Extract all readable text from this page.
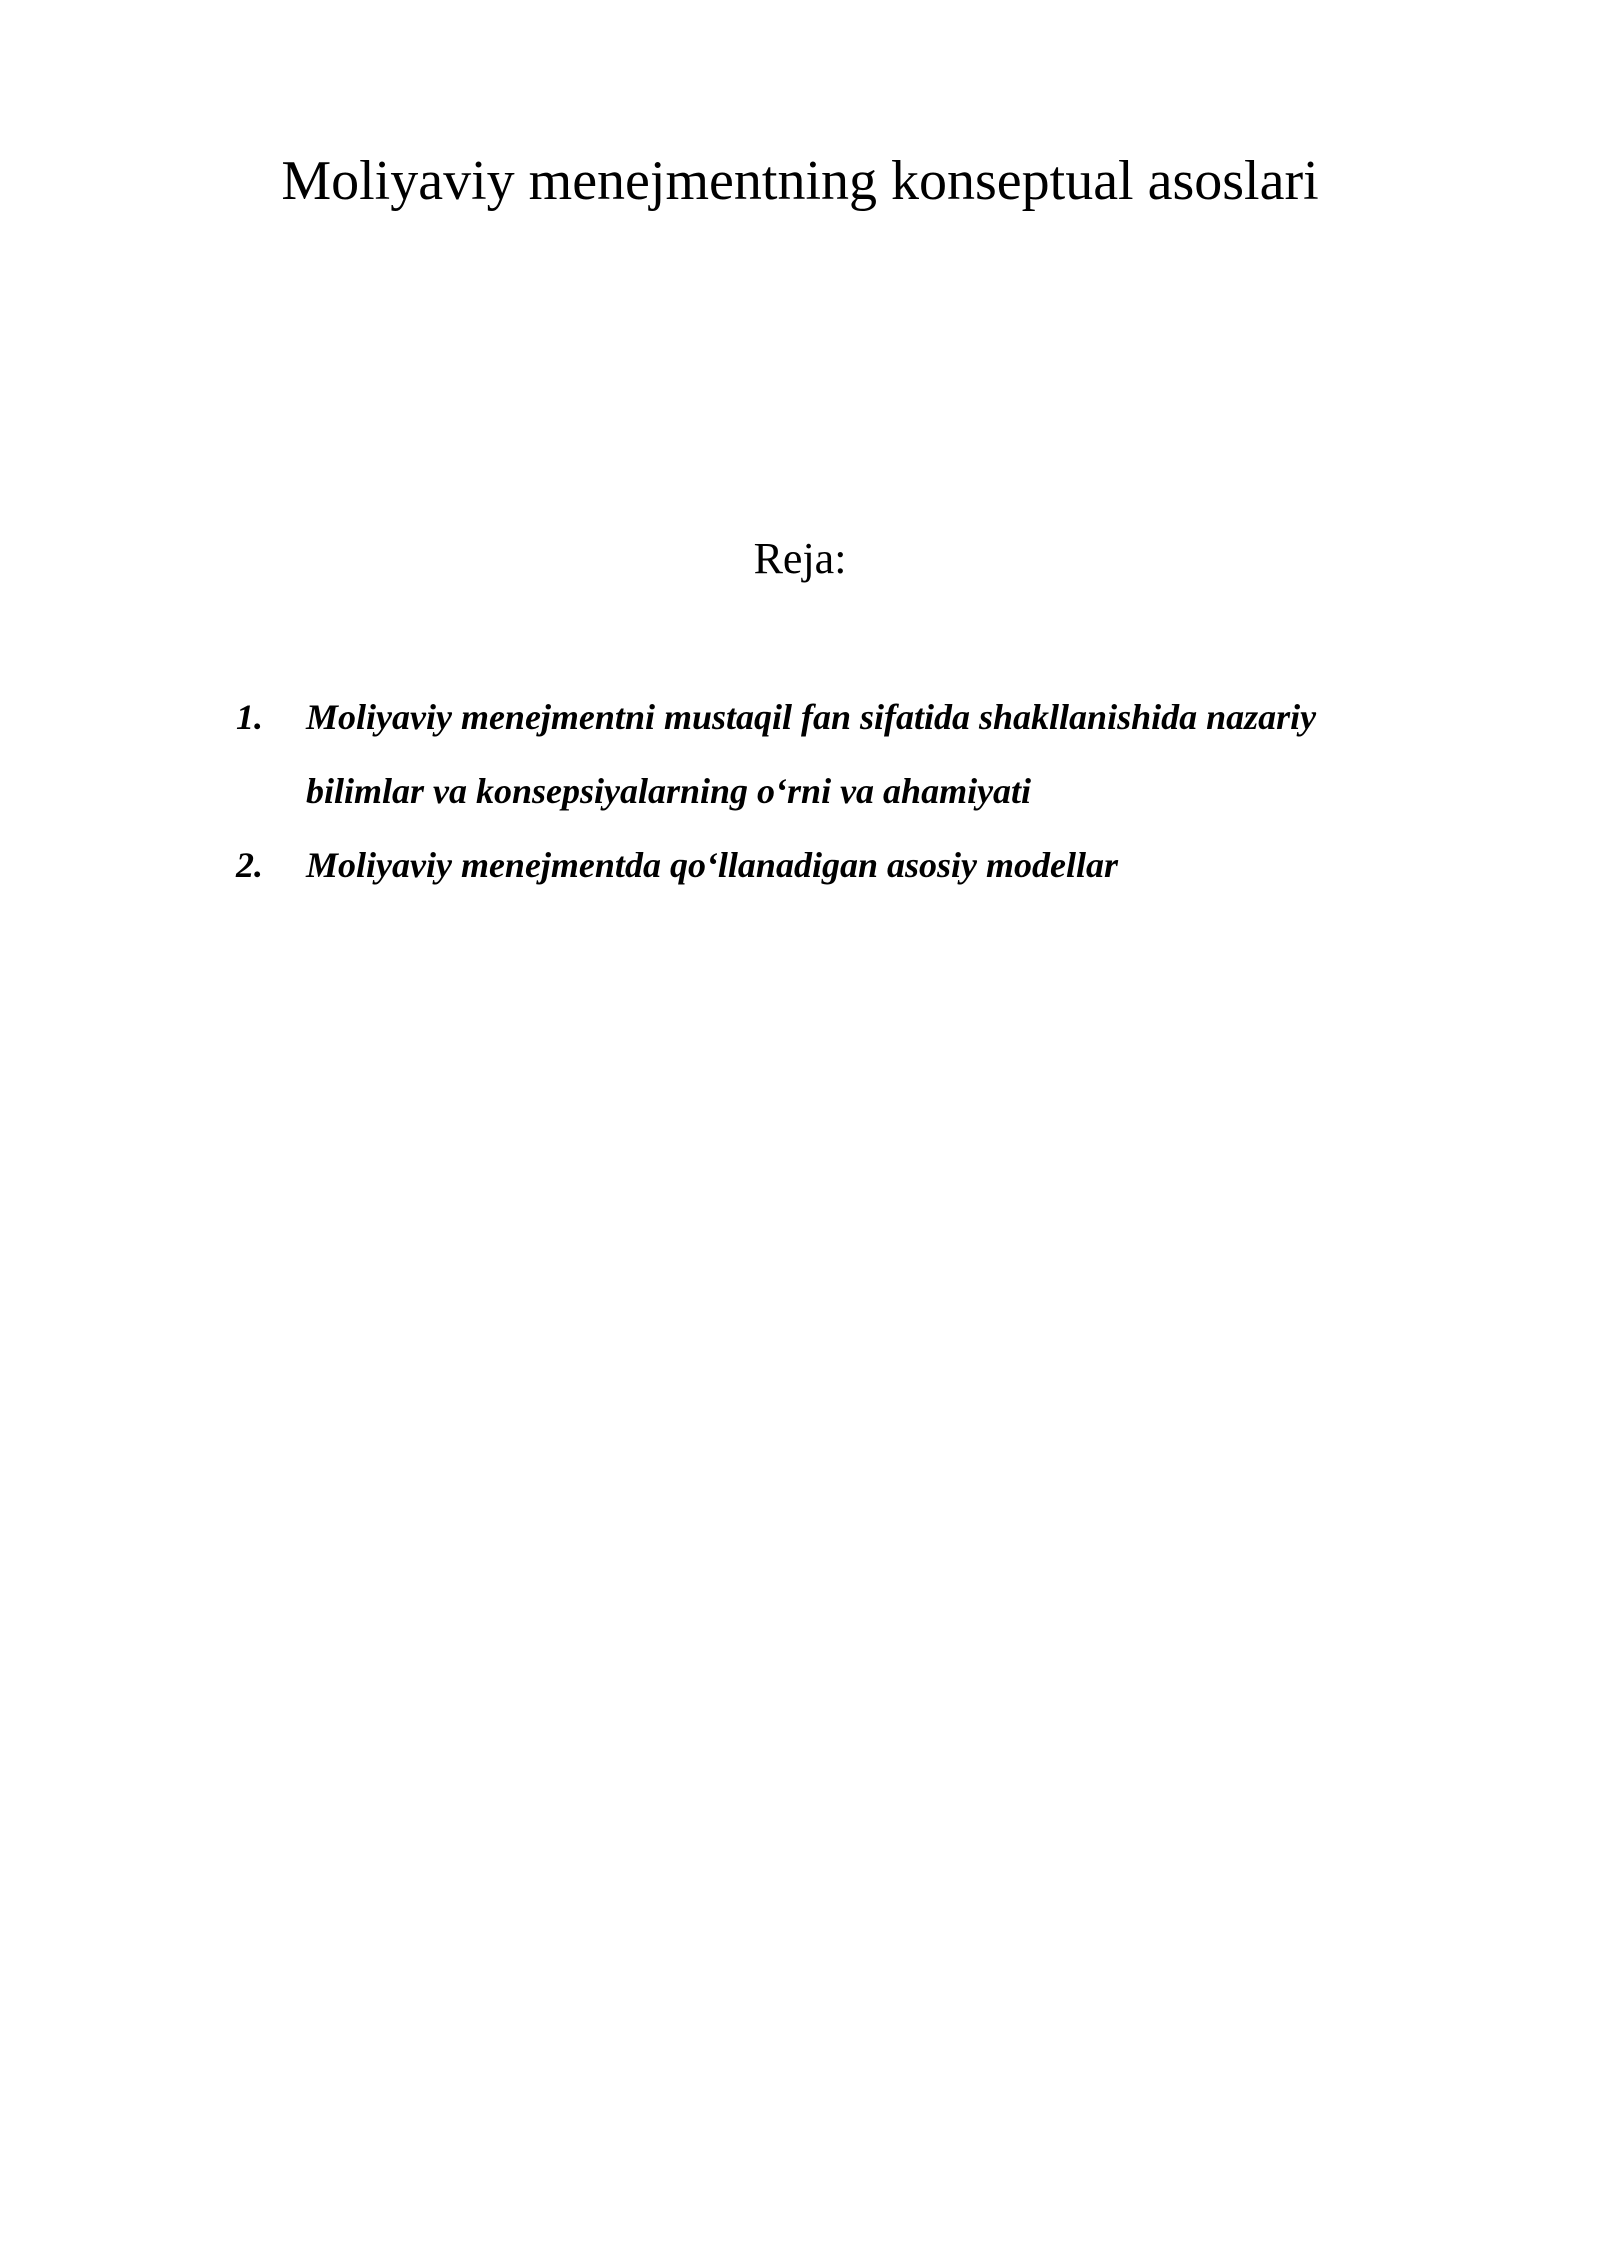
Moliyaviy menejmentning konseptual asoslari

Reja:

1. Moliyaviy menejmentni mustaqil fan sifatida shakllanishida nazariy bilimlar va konsepsiyalarning o‘rni va ahamiyati
2. Moliyaviy menejmentda qo‘llanadigan asosiy modellar
